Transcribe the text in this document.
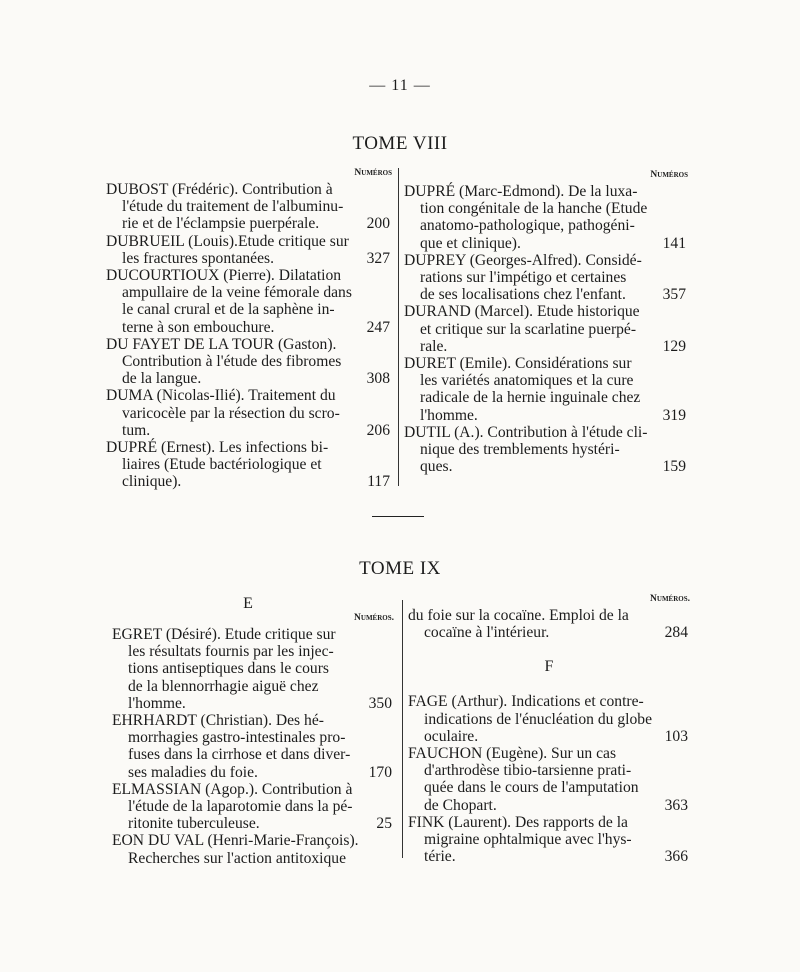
— 11 —
TOME VIII
Numéros
DUBOST (Frédéric). Contribution à
l'étude du traitement de l'albuminu-
200
rie et de l'éclampsie puerpérale.
DUBRUEIL (Louis).Etude critique sur
327
les fractures spontanées.
DUCOURTIOUX (Pierre). Dilatation
ampullaire de la veine fémorale dans
le canal crural et de la saphène in-
247
terne à son embouchure.
DU FAYET DE LA TOUR (Gaston).
Contribution à l'étude des fibromes
308
de la langue.
DUMA (Nicolas-Ilié). Traitement du
varicocèle par la résection du scro-
206
tum.
DUPRÉ (Ernest). Les infections bi-
liaires (Etude bactériologique et
117
clinique).
Numéros
DUPRÉ (Marc-Edmond). De la luxa-
tion congénitale de la hanche (Etude
anatomo-pathologique, pathogéni-
141
que et clinique).
DUPREY (Georges-Alfred). Considé-
rations sur l'impétigo et certaines
357
de ses localisations chez l'enfant.
DURAND (Marcel). Etude historique
et critique sur la scarlatine puerpé-
129
rale.
DURET (Emile). Considérations sur
les variétés anatomiques et la cure
radicale de la hernie inguinale chez
319
l'homme.
DUTIL (A.). Contribution à l'étude cli-
nique des tremblements hystéri-
159
ques.
TOME IX
E
Numéros.
EGRET (Désiré). Etude critique sur
les résultats fournis par les injec-
tions antiseptiques dans le cours
de la blennorrhagie aiguë chez
350
l'homme.
EHRHARDT (Christian). Des hé-
morrhagies gastro-intestinales pro-
fuses dans la cirrhose et dans diver-
170
ses maladies du foie.
ELMASSIAN (Agop.). Contribution à
l'étude de la laparotomie dans la pé-
25
ritonite tuberculeuse.
EON DU VAL (Henri-Marie-François).
Recherches sur l'action antitoxique
Numéros.
du foie sur la cocaïne. Emploi de la
284
cocaïne à l'intérieur.
F
FAGE (Arthur). Indications et contre-
indications de l'énucléation du globe
103
oculaire.
FAUCHON (Eugène). Sur un cas
d'arthrodèse tibio-tarsienne prati-
quée dans le cours de l'amputation
363
de Chopart.
FINK (Laurent). Des rapports de la
migraine ophtalmique avec l'hys-
366
térie.
